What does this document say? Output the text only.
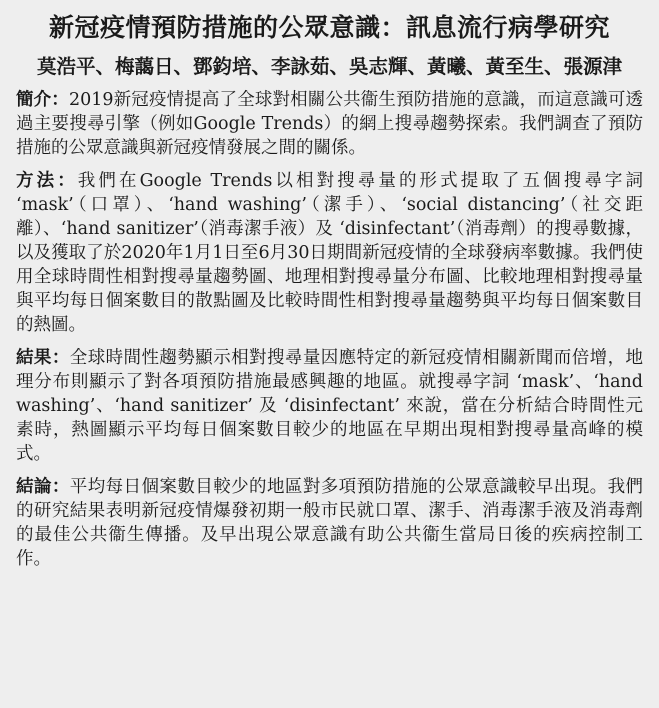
新冠疫情預防措施的公眾意識：訊息流行病學研究
莫浩平、梅藹日、鄧鈞培、李詠茹、吳志輝、黃曦、黃至生、張源津

簡介：2019新冠疫情提高了全球對相關公共衞生預防措施的意識，而這意識可透過主要搜尋引擎（例如Google Trends）的網上搜尋趨勢探索。我們調查了預防措施的公眾意識與新冠疫情發展之間的關係。

方法：我們在Google Trends以相對搜尋量的形式提取了五個搜尋字詞 ‘mask’（口罩）、‘hand washing’（潔手）、‘social distancing’（社交距離）、‘hand sanitizer’（消毒潔手液）及 ‘disinfectant’（消毒劑）的搜尋數據，以及獲取了於2020年1月1日至6月30日期間新冠疫情的全球發病率數據。我們使用全球時間性相對搜尋量趨勢圖、地理相對搜尋量分布圖、比較地理相對搜尋量與平均每日個案數目的散點圖及比較時間性相對搜尋量趨勢與平均每日個案數目的熱圖。

結果：全球時間性趨勢顯示相對搜尋量因應特定的新冠疫情相關新聞而倍增，地理分布則顯示了對各項預防措施最感興趣的地區。就搜尋字詞 ‘mask’、‘hand washing’、‘hand sanitizer’ 及 ‘disinfectant’ 來說，當在分析結合時間性元素時，熱圖顯示平均每日個案數目較少的地區在早期出現相對搜尋量高峰的模式。

結論：平均每日個案數目較少的地區對多項預防措施的公眾意識較早出現。我們的研究結果表明新冠疫情爆發初期一般市民就口罩、潔手、消毒潔手液及消毒劑的最佳公共衞生傳播。及早出現公眾意識有助公共衞生當局日後的疾病控制工作。
